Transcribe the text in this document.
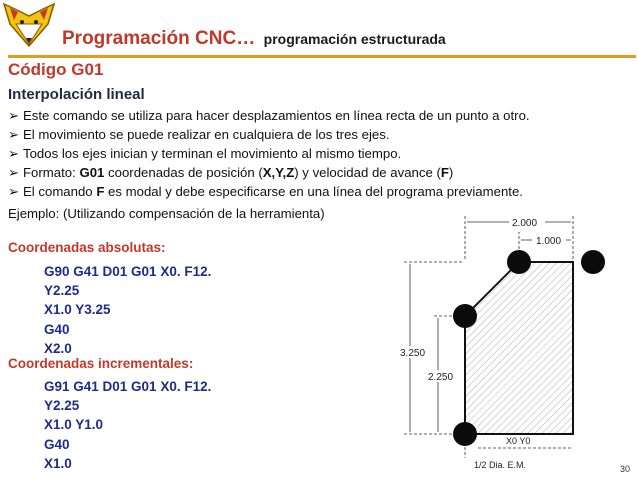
Programación CNC… programación estructurada
Código G01
Interpolación lineal
➢ Este comando se utiliza para hacer desplazamientos en línea recta de un punto a otro.
➢ El movimiento se puede realizar en cualquiera de los tres ejes.
➢ Todos los ejes inician y terminan el movimiento al mismo tiempo.
➢ Formato: G01 coordenadas de posición (X,Y,Z) y velocidad de avance (F)
➢ El comando F es modal y debe especificarse en una línea del programa previamente.
Ejemplo: (Utilizando compensación de la herramienta)
Coordenadas absolutas:
G90 G41 D01 G01 X0. F12.
Y2.25
X1.0 Y3.25
G40
X2.0
Coordenadas incrementales:
G91 G41 D01 G01 X0. F12.
Y2.25
X1.0 Y1.0
G40
X1.0
2.000
1.000
3.250
2.250
X0 Y0
1/2 Dia. E.M.	30
